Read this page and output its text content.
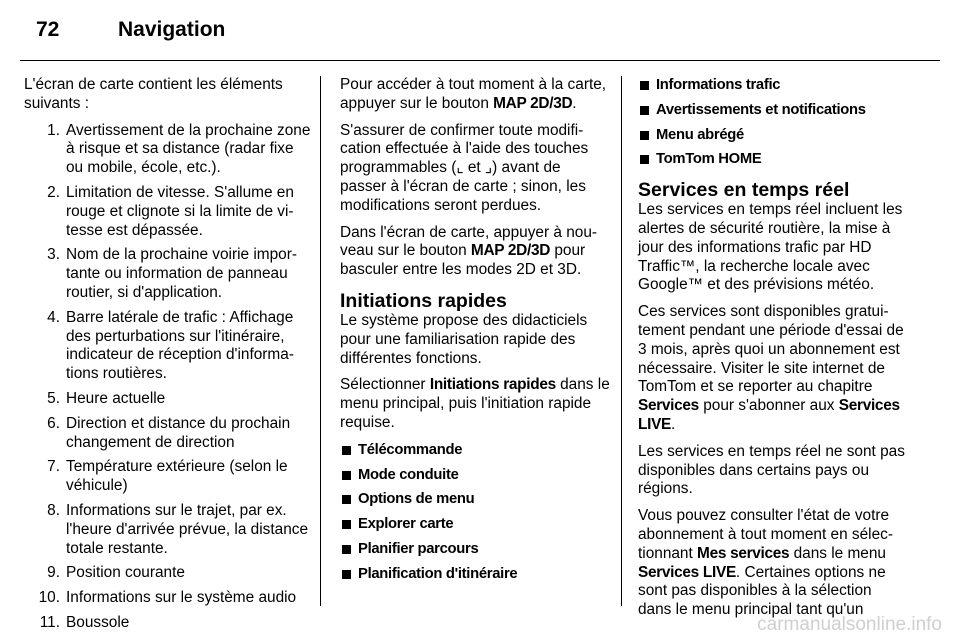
72	Navigation

L'écran de carte contient les éléments suivants :

1. Avertissement de la prochaine zone à risque et sa distance (radar fixe ou mobile, école, etc.).
2. Limitation de vitesse. S'allume en rouge et clignote si la limite de vitesse est dépassée.
3. Nom de la prochaine voirie importante ou information de panneau routier, si d'application.
4. Barre latérale de trafic : Affichage des perturbations sur l'itinéraire, indicateur de réception d'informations routières.
5. Heure actuelle
6. Direction et distance du prochain changement de direction
7. Température extérieure (selon le véhicule)
8. Informations sur le trajet, par ex. l'heure d'arrivée prévue, la distance totale restante.
9. Position courante
10. Informations sur le système audio
11. Boussole

Pour accéder à tout moment à la carte, appuyer sur le bouton MAP 2D/3D.

S'assurer de confirmer toute modification effectuée à l'aide des touches programmables (⌞ et ⌟) avant de passer à l'écran de carte ; sinon, les modifications seront perdues.

Dans l'écran de carte, appuyer à nouveau sur le bouton MAP 2D/3D pour basculer entre les modes 2D et 3D.

Initiations rapides

Le système propose des didacticiels pour une familiarisation rapide des différentes fonctions.

Sélectionner Initiations rapides dans le menu principal, puis l'initiation rapide requise.

Télécommande
Mode conduite
Options de menu
Explorer carte
Planifier parcours
Planification d'itinéraire
Informations trafic
Avertissements et notifications
Menu abrégé
TomTom HOME
Services en temps réel

Les services en temps réel incluent les alertes de sécurité routière, la mise à jour des informations trafic par HD Traffic™, la recherche locale avec Google™ et des prévisions météo.

Ces services sont disponibles gratuitement pendant une période d'essai de 3 mois, après quoi un abonnement est nécessaire. Visiter le site internet de TomTom et se reporter au chapitre Services pour s'abonner aux Services LIVE.

Les services en temps réel ne sont pas disponibles dans certains pays ou régions.

Vous pouvez consulter l'état de votre abonnement à tout moment en sélectionnant Mes services dans le menu Services LIVE. Certaines options ne sont pas disponibles à la sélection dans le menu principal tant qu'un

carmanualsonline.info
